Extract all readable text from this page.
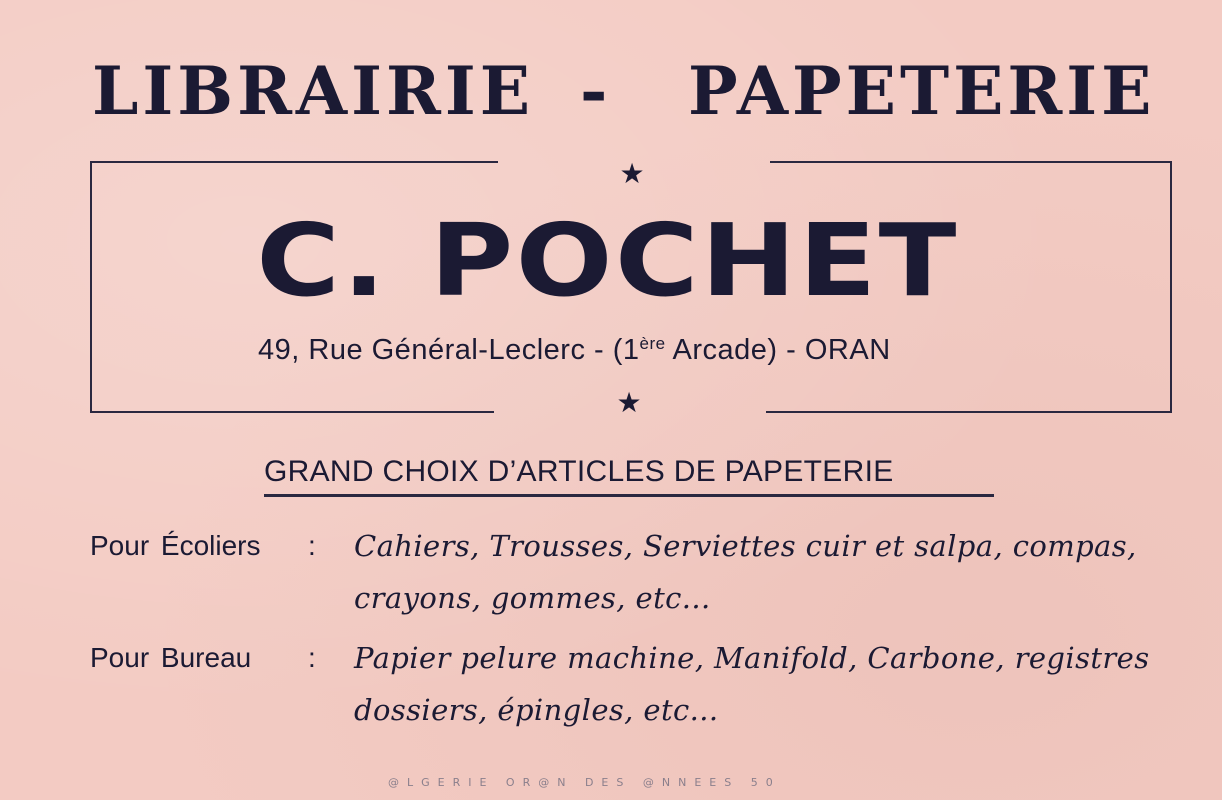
LIBRAIRIE - PAPETERIE
★
★
C. POCHET
49, Rue Général-Leclerc - (1ère Arcade) - ORAN
GRAND CHOIX D’ARTICLES DE PAPETERIE
Pour Écoliers : Cahiers, Trousses, Serviettes cuir et salpa, compas,
crayons, gommes, etc...
Pour Bureau : Papier pelure machine, Manifold, Carbone, registres
dossiers, épingles, etc...
@LGERIE OR@N DES @NNEES 50
